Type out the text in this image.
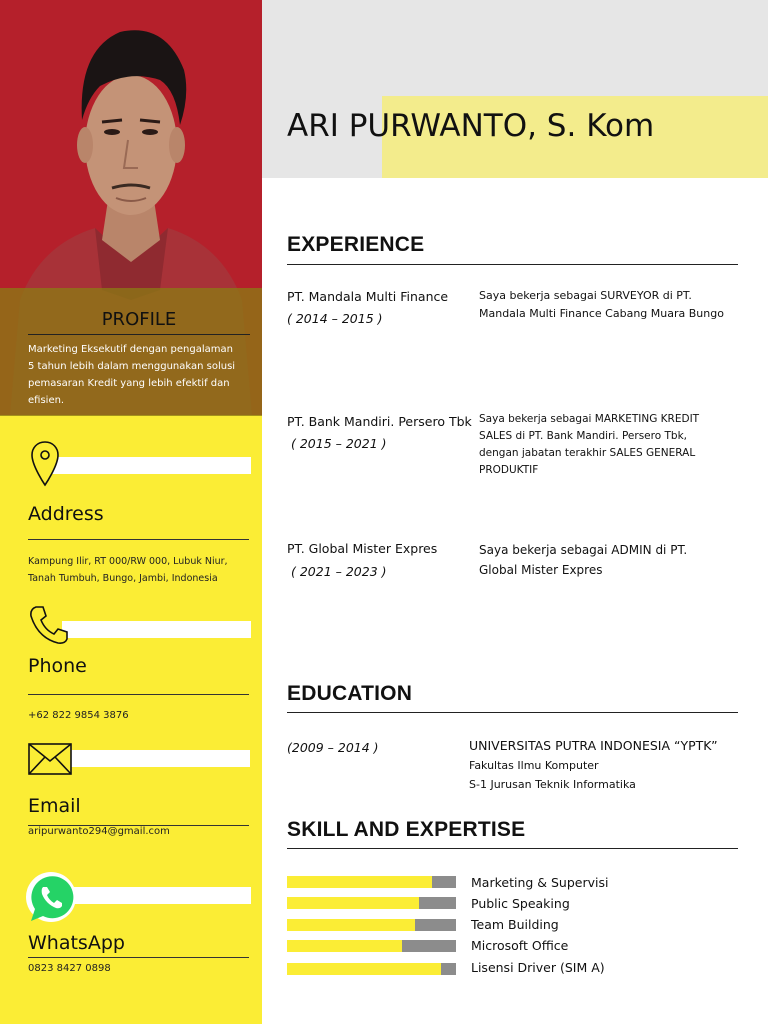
PROFILE
Marketing Eksekutif dengan pengalaman 5 tahun lebih dalam menggunakan solusi pemasaran Kredit yang lebih efektif dan efisien.
Address
Kampung Ilir, RT 000/RW 000, Lubuk Niur, Tanah Tumbuh, Bungo, Jambi, Indonesia
Phone
+62 822 9854 3876
Email
aripurwanto294@gmail.com
WhatsApp
0823 8427 0898
ARI PURWANTO, S. Kom
EXPERIENCE
PT. Mandala Multi Finance
( 2014 – 2015 )
Saya bekerja sebagai SURVEYOR di PT. Mandala Multi Finance Cabang Muara Bungo
PT. Bank Mandiri. Persero Tbk
( 2015 – 2021 )
Saya bekerja sebagai MARKETING KREDIT SALES di PT. Bank Mandiri. Persero Tbk, dengan jabatan terakhir SALES GENERAL PRODUKTIF
PT. Global Mister Expres
( 2021 – 2023 )
Saya bekerja sebagai ADMIN di PT. Global Mister Expres
EDUCATION
(2009 – 2014 )	UNIVERSITAS PUTRA INDONESIA “YPTK”
Fakultas Ilmu Komputer
S-1 Jurusan Teknik Informatika
SKILL AND EXPERTISE
Marketing & Supervisi
Public Speaking
Team Building
Microsoft Office
Lisensi Driver (SIM A)
